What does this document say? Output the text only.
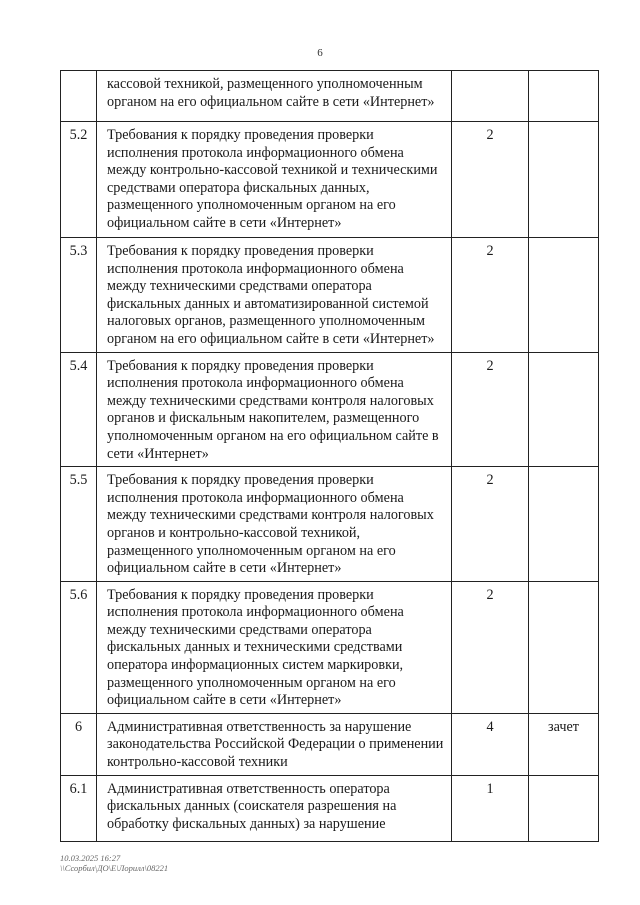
6
	кассовой техникой, размещенного уполномоченным органом на его официальном сайте в сети «Интернет»		
5.2	Требования к порядку проведения проверки исполнения протокола информационного обмена между контрольно-кассовой техникой и техническими средствами оператора фискальных данных, размещенного уполномоченным органом на его официальном сайте в сети «Интернет»	2	
5.3	Требования к порядку проведения проверки исполнения протокола информационного обмена между техническими средствами оператора фискальных данных и автоматизированной системой налоговых органов, размещенного уполномоченным органом на его официальном сайте в сети «Интернет»	2	
5.4	Требования к порядку проведения проверки исполнения протокола информационного обмена между техническими средствами контроля налоговых органов и фискальным накопителем, размещенного уполномоченным органом на его официальном сайте в сети «Интернет»	2	
5.5	Требования к порядку проведения проверки исполнения протокола информационного обмена между техническими средствами контроля налоговых органов и контрольно-кассовой техникой, размещенного уполномоченным органом на его официальном сайте в сети «Интернет»	2	
5.6	Требования к порядку проведения проверки исполнения протокола информационного обмена между техническими средствами оператора фискальных данных и техническими средствами оператора информационных систем маркировки, размещенного уполномоченным органом на его официальном сайте в сети «Интернет»	2	
6	Административная ответственность за нарушение законодательства Российской Федерации о применении контрольно-кассовой техники	4	зачет
6.1	Административная ответственность оператора фискальных данных (соискателя разрешения на обработку фискальных данных) за нарушение	1	
10.03.2025 16:27
\\Ссорбил\ДО\Е\Лорилл\08221
